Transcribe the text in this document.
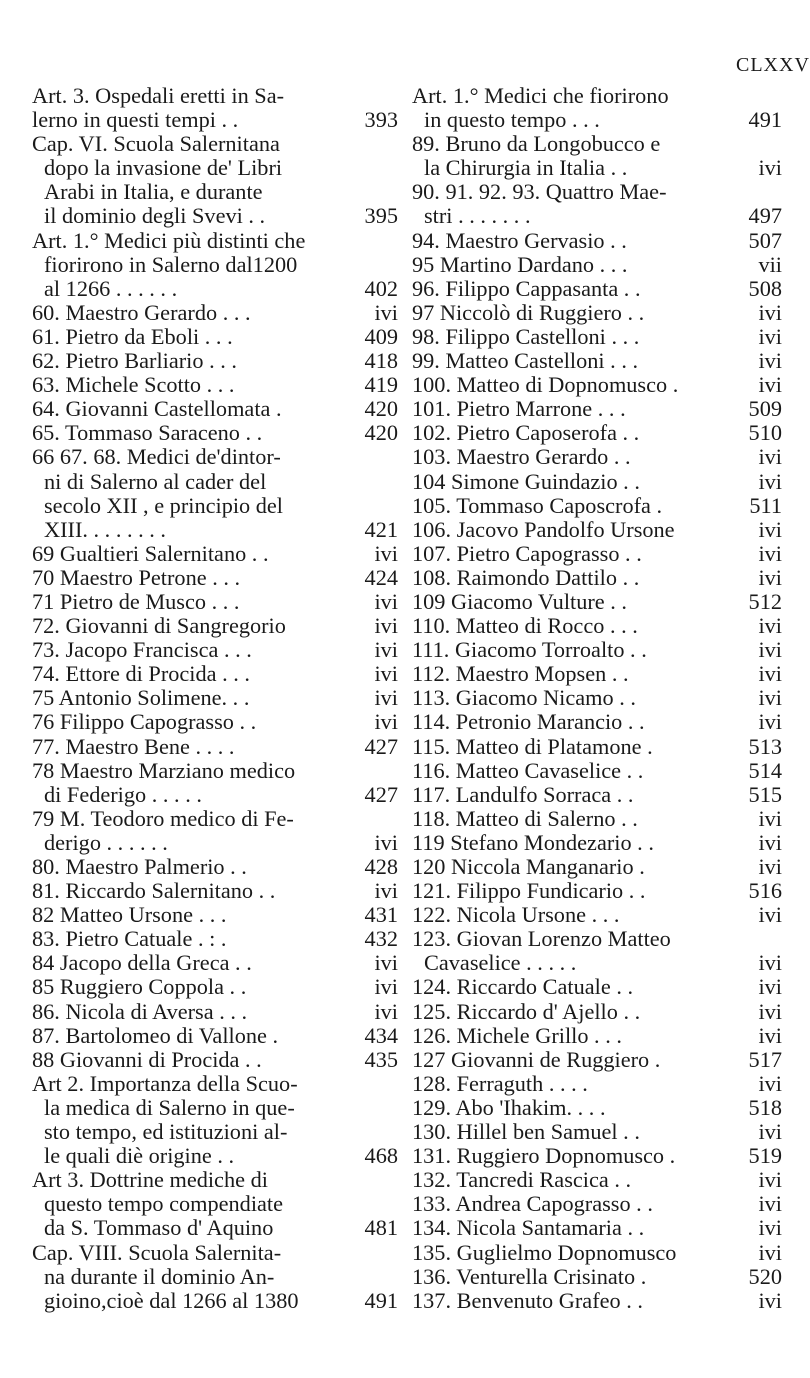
CLXXV
Art. 3. Ospedali eretti in Sa-
lerno in questi tempi . .	393
Cap. VI. Scuola Salernitana
dopo la invasione de' Libri
Arabi in Italia, e durante
il dominio degli Svevi . .	395
Art. 1.° Medici più distinti che
fiorirono in Salerno dal1200
al 1266 . . . . . .	402
60. Maestro Gerardo . . .	ivi
61. Pietro da Eboli . . .	409
62. Pietro Barliario . . .	418
63. Michele Scotto . . .	419
64. Giovanni Castellomata .	420
65. Tommaso Saraceno . .	420
66 67. 68. Medici de'dintor-
ni di Salerno al cader del
secolo XII , e principio del
XIII. . . . . . . .	421
69 Gualtieri Salernitano . .	ivi
70 Maestro Petrone . . .	424
71 Pietro de Musco . . .	ivi
72. Giovanni di Sangregorio	ivi
73. Jacopo Francisca . . .	ivi
74. Ettore di Procida . . .	ivi
75 Antonio Solimene. . .	ivi
76 Filippo Capograsso . .	ivi
77. Maestro Bene . . . .	427
78 Maestro Marziano medico
di Federigo . . . . .	427
79 M. Teodoro medico di Fe-
derigo . . . . . .	ivi
80. Maestro Palmerio . .	428
81. Riccardo Salernitano . .	ivi
82 Matteo Ursone . . .	431
83. Pietro Catuale . : .	432
84 Jacopo della Greca . .	ivi
85 Ruggiero Coppola . .	ivi
86. Nicola di Aversa . . .	ivi
87. Bartolomeo di Vallone .	434
88 Giovanni di Procida . .	435
Art 2. Importanza della Scuo-
la medica di Salerno in que-
sto tempo, ed istituzioni al-
le quali diè origine . .	468
Art 3. Dottrine mediche di
questo tempo compendiate
da S. Tommaso d' Aquino	481
Cap. VIII. Scuola Salernita-
na durante il dominio An-
gioino,cioè dal 1266 al 1380	491
Art. 1.° Medici che fiorirono
in questo tempo . . .	491
89. Bruno da Longobucco e
la Chirurgia in Italia . .	ivi
90. 91. 92. 93. Quattro Mae-
stri . . . . . . .	497
94. Maestro Gervasio . .	507
95 Martino Dardano . . .	vii
96. Filippo Cappasanta . .	508
97 Niccolò di Ruggiero . .	ivi
98. Filippo Castelloni . . .	ivi
99. Matteo Castelloni . . .	ivi
100. Matteo di Dopnomusco .	ivi
101. Pietro Marrone . . .	509
102. Pietro Caposerofa . .	510
103. Maestro Gerardo . .	ivi
104 Simone Guindazio . .	ivi
105. Tommaso Caposcrofa .	511
106. Jacovo Pandolfo Ursone	ivi
107. Pietro Capograsso . .	ivi
108. Raimondo Dattilo . .	ivi
109 Giacomo Vulture . .	512
110. Matteo di Rocco . . .	ivi
111. Giacomo Torroalto . .	ivi
112. Maestro Mopsen . .	ivi
113. Giacomo Nicamo . .	ivi
114. Petronio Marancio . .	ivi
115. Matteo di Platamone .	513
116. Matteo Cavaselice . .	514
117. Landulfo Sorraca . .	515
118. Matteo di Salerno . .	ivi
119 Stefano Mondezario . .	ivi
120 Niccola Manganario .	ivi
121. Filippo Fundicario . .	516
122. Nicola Ursone . . .	ivi
123. Giovan Lorenzo Matteo
Cavaselice . . . . .	ivi
124. Riccardo Catuale . .	ivi
125. Riccardo d' Ajello . .	ivi
126. Michele Grillo . . .	ivi
127 Giovanni de Ruggiero .	517
128. Ferraguth . . . .	ivi
129. Abo 'Ihakim. . . .	518
130. Hillel ben Samuel . .	ivi
131. Ruggiero Dopnomusco .	519
132. Tancredi Rascica . .	ivi
133. Andrea Capograsso . .	ivi
134. Nicola Santamaria . .	ivi
135. Guglielmo Dopnomusco	ivi
136. Venturella Crisinato .	520
137. Benvenuto Grafeo . .	ivi
